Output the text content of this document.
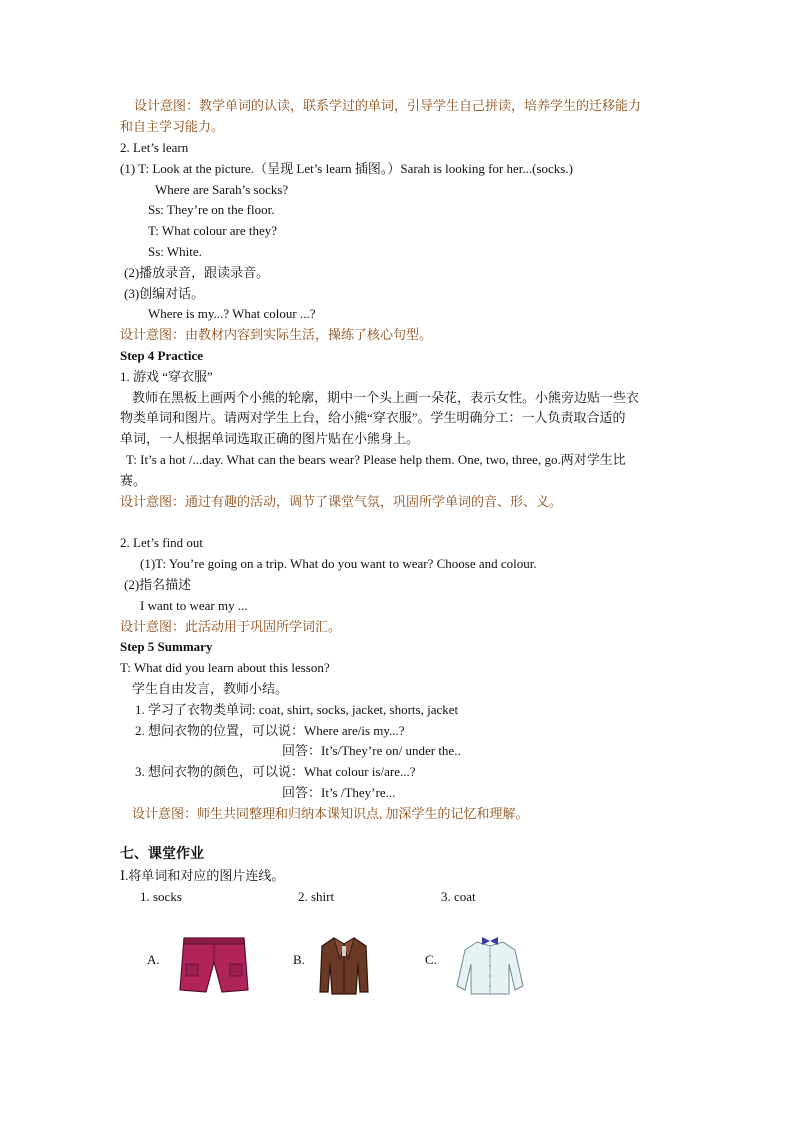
设计意图：教学单词的认读，联系学过的单词，引导学生自己拼读，培养学生的迁移能力
和自主学习能力。
2. Let’s learn
(1) T: Look at the picture.（呈现 Let’s learn 插图。）Sarah is looking for her...(socks.)
Where are Sarah’s socks?
Ss: They’re on the floor.
T: What colour are they?
Ss: White.
(2)播放录音，跟读录音。
(3)创编对话。
Where is my...? What colour ...?
设计意图：由教材内容到实际生活，操练了核心句型。
Step 4 Practice
1. 游戏 “穿衣服”
教师在黑板上画两个小熊的轮廓，期中一个头上画一朵花，表示女性。小熊旁边贴一些衣
物类单词和图片。请两对学生上台，给小熊“穿衣服”。学生明确分工：一人负责取合适的
单词，一人根据单词选取正确的图片贴在小熊身上。
T: It’s a hot /...day. What can the bears wear? Please help them. One, two, three, go.两对学生比
赛。
设计意图：通过有趣的活动，调节了课堂气氛，巩固所学单词的音、形、义。
2. Let’s find out
(1)T: You’re going on a trip. What do you want to wear? Choose and colour.
(2)指名描述
I want to wear my ...
设计意图：此活动用于巩固所学词汇。
Step 5 Summary
T: What did you learn about this lesson?
学生自由发言，教师小结。
1. 学习了衣物类单词: coat, shirt, socks, jacket, shorts, jacket
2. 想问衣物的位置，可以说：Where are/is my...?
回答：It’s/They’re on/ under the..
3. 想问衣物的颜色，可以说：What colour is/are...?
回答：It’s /They’re...
设计意图：师生共同整理和归纳本课知识点, 加深学生的记忆和理解。
七、课堂作业
Ⅰ.将单词和对应的图片连线。
1. socks	2. shirt	3. coat
A.	B.	C.
